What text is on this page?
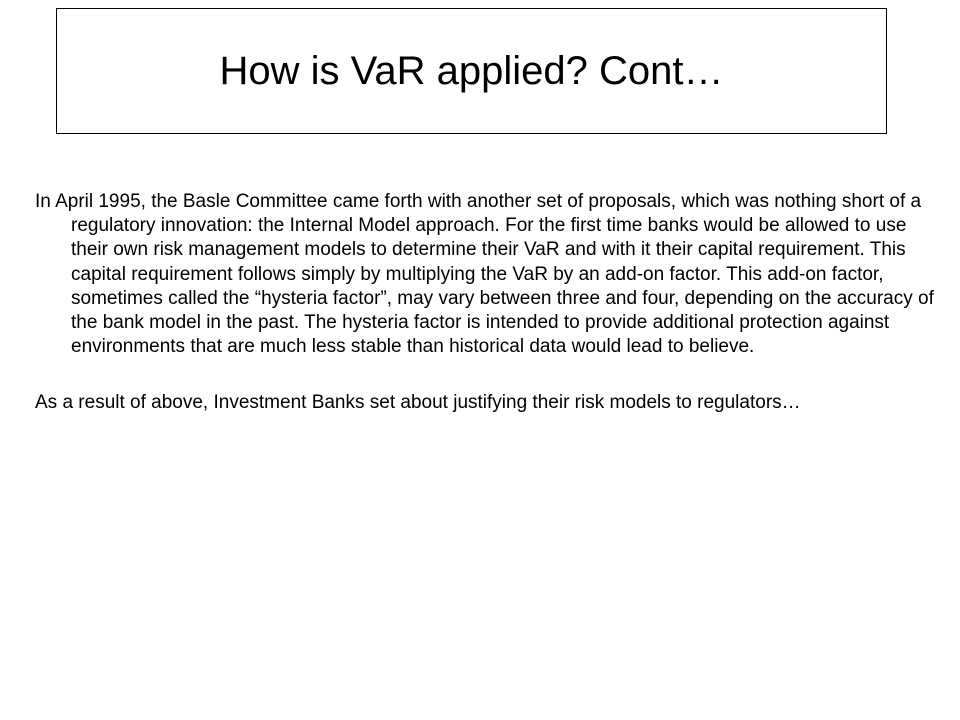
How is VaR applied? Cont…

In April 1995, the Basle Committee came forth with another set of proposals, which was nothing short of a regulatory innovation: the Internal Model approach. For the first time banks would be allowed to use their own risk management models to determine their VaR and with it their capital requirement. This capital requirement follows simply by multiplying the VaR by an add-on factor. This add-on factor, sometimes called the “hysteria factor”, may vary between three and four, depending on the accuracy of the bank model in the past. The hysteria factor is intended to provide additional protection against environments that are much less stable than historical data would lead to believe.

As a result of above, Investment Banks set about justifying their risk models to regulators…
